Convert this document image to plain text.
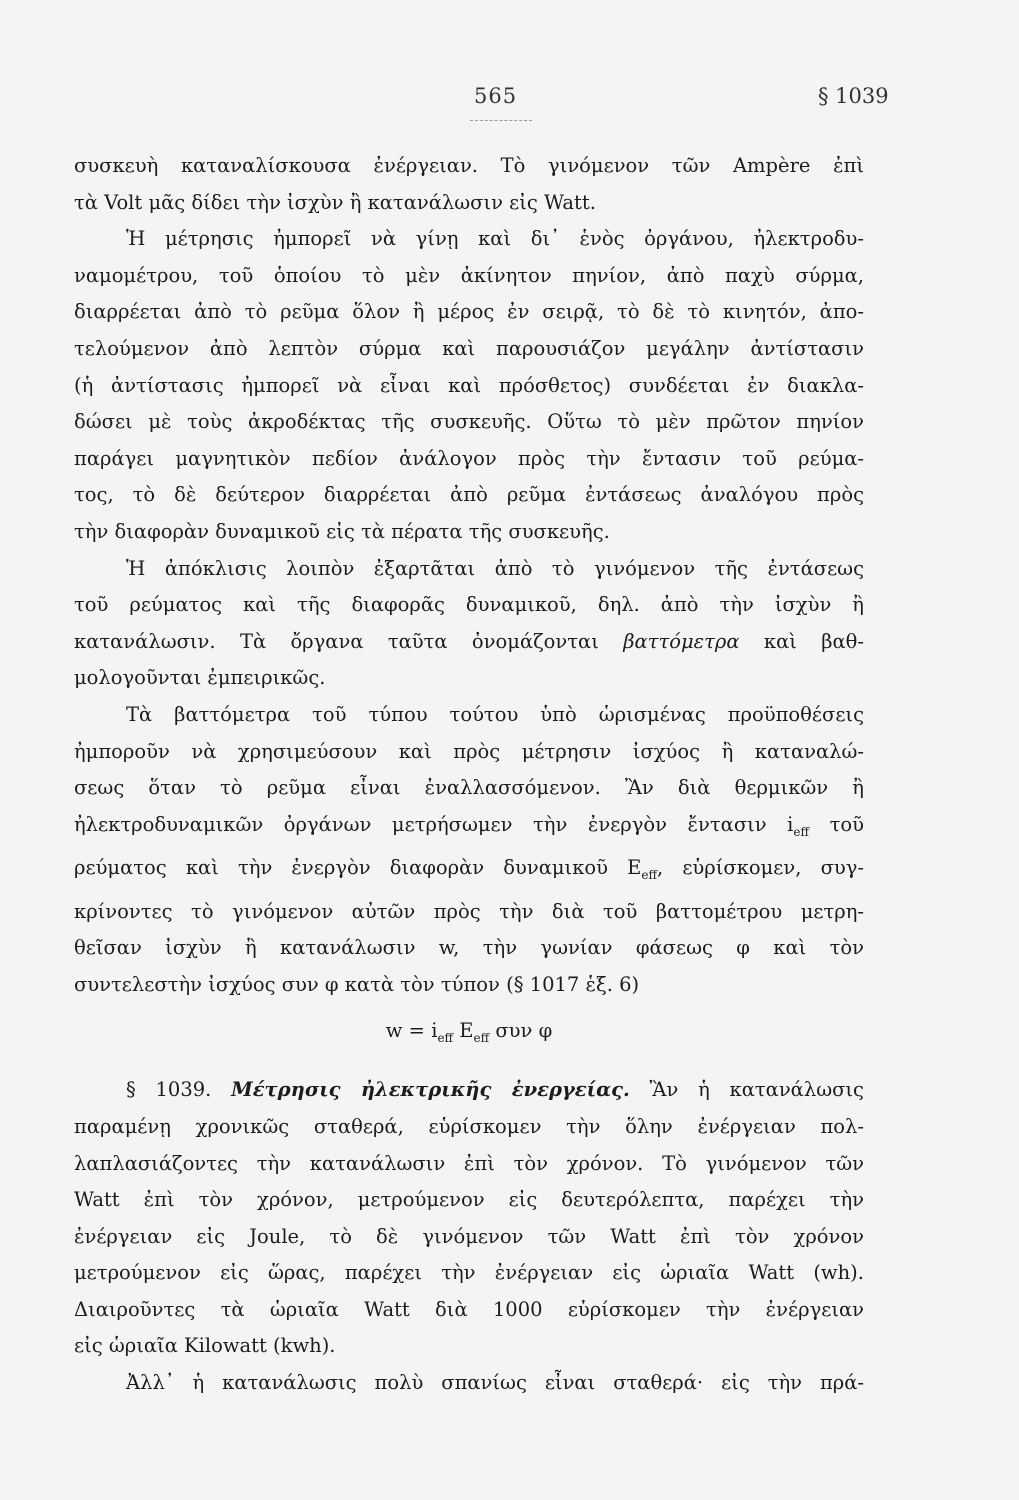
565	§ 1039

συσκευὴ καταναλίσκουσα ἐνέργειαν. Τὸ γινόμενον τῶν Ampère ἐπὶ
τὰ Volt μᾶς δίδει τὴν ἰσχὺν ἢ κατανάλωσιν εἰς Watt.

Ἡ μέτρησις ἠμπορεῖ νὰ γίνῃ καὶ δι᾽ ἑνὸς ὀργάνου, ἠλεκτροδυ-
ναμομέτρου, τοῦ ὁποίου τὸ μὲν ἀκίνητον πηνίον, ἀπὸ παχὺ σύρμα,
διαρρέεται ἀπὸ τὸ ρεῦμα ὅλον ἢ μέρος ἐν σειρᾷ, τὸ δὲ τὸ κινητόν, ἀπο-
τελούμενον ἀπὸ λεπτὸν σύρμα καὶ παρουσιάζον μεγάλην ἀντίστασιν
(ἡ ἀντίστασις ἠμπορεῖ νὰ εἶναι καὶ πρόσθετος) συνδέεται ἐν διακλα-
δώσει μὲ τοὺς ἀκροδέκτας τῆς συσκευῆς. Οὕτω τὸ μὲν πρῶτον πηνίον
παράγει μαγνητικὸν πεδίον ἀνάλογον πρὸς τὴν ἔντασιν τοῦ ρεύμα-
τος, τὸ δὲ δεύτερον διαρρέεται ἀπὸ ρεῦμα ἐντάσεως ἀναλόγου πρὸς
τὴν διαφορὰν δυναμικοῦ εἰς τὰ πέρατα τῆς συσκευῆς.

Ἡ ἀπόκλισις λοιπὸν ἐξαρτᾶται ἀπὸ τὸ γινόμενον τῆς ἐντάσεως
τοῦ ρεύματος καὶ τῆς διαφορᾶς δυναμικοῦ, δηλ. ἀπὸ τὴν ἰσχὺν ἢ
κατανάλωσιν. Τὰ ὄργανα ταῦτα ὀνομάζονται βαττόμετρα καὶ βαθ-
μολογοῦνται ἐμπειρικῶς.

Τὰ βαττόμετρα τοῦ τύπου τούτου ὑπὸ ὡρισμένας προϋποθέσεις
ἠμποροῦν νὰ χρησιμεύσουν καὶ πρὸς μέτρησιν ἰσχύος ἢ καταναλώ-
σεως ὅταν τὸ ρεῦμα εἶναι ἐναλλασσόμενον. Ἂν διὰ θερμικῶν ἢ
ἠλεκτροδυναμικῶν ὀργάνων μετρήσωμεν τὴν ἐνεργὸν ἔντασιν $i_{eff}$ τοῦ
ρεύματος καὶ τὴν ἐνεργὸν διαφορὰν δυναμικοῦ $E_{eff}$, εὑρίσκομεν, συγ-
κρίνοντες τὸ γινόμενον αὐτῶν πρὸς τὴν διὰ τοῦ βαττομέτρου μετρη-
θεῖσαν ἰσχὺν ἢ κατανάλωσιν w, τὴν γωνίαν φάσεως φ καὶ τὸν
συντελεστὴν ἰσχύος συν φ κατὰ τὸν τύπον (§ 1017 ἑξ. 6)

$w = i_{eff}$ $E_{eff}$ συν φ

§ 1039. Μέτρησις ἠλεκτρικῆς ἐνεργείας. Ἂν ἡ κατανάλωσις
παραμένῃ χρονικῶς σταθερά, εὑρίσκομεν τὴν ὅλην ἐνέργειαν πολ-
λαπλασιάζοντες τὴν κατανάλωσιν ἐπὶ τὸν χρόνον. Τὸ γινόμενον τῶν
Watt ἐπὶ τὸν χρόνον, μετρούμενον εἰς δευτερόλεπτα, παρέχει τὴν
ἐνέργειαν εἰς Joule, τὸ δὲ γινόμενον τῶν Watt ἐπὶ τὸν χρόνον
μετρούμενον εἰς ὥρας, παρέχει τὴν ἐνέργειαν εἰς ὡριαῖα Watt (wh).
Διαιροῦντες τὰ ὡριαῖα Watt διὰ 1000 εὑρίσκομεν τὴν ἐνέργειαν
εἰς ὡριαῖα Kilowatt (kwh).

Ἀλλ᾽ ἡ κατανάλωσις πολὺ σπανίως εἶναι σταθερά· εἰς τὴν πρά-
